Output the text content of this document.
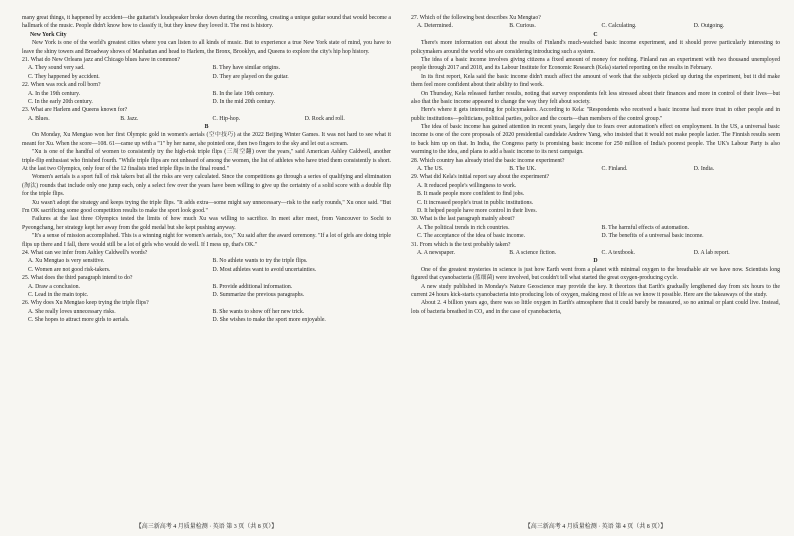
many great things, it happened by accident—the guitarist's loudspeaker broke down during the recording, creating a unique guitar sound that would become a hallmark of the music. People didn't know how to classify it, but they knew they loved it. The rest is history.

New York City

New York is one of the world's greatest cities where you can listen to all kinds of music. But to experience a true New York state of mind, you have to leave the shiny towers and Broadway shows of Manhattan and head to Harlem, the Bronx, Brooklyn, and Queens to explore the city's hip hop history.

21. What do New Orleans jazz and Chicago blues have in common?

A. They sound very sad.	B. They have similar origins.
C. They happened by accident.	D. They are played on the guitar.

22. When was rock and roll born?

A. In the 19th century.	B. In the late 19th century.
C. In the early 20th century.	D. In the mid 20th century.

23. What are Harlem and Queens known for?

A. Blues.	B. Jazz.	C. Hip-hop.	D. Rock and roll.

B

On Monday, Xu Mengtao won her first Olympic gold in women's aerials (空中技巧) at the 2022 Beijing Winter Games. It was not hard to see what it meant for Xu. When the score—108. 61—came up with a "1" by her name, she pointed one, then two fingers to the sky and let out a scream.

"Xu is one of the handful of women to consistently try the high-risk triple flips (三周空翻) over the years," said American Ashley Caldwell, another triple-flip enthusiast who finished fourth. "While triple flips are not unheard of among the women, the list of athletes who have tried them consistently is short. At the last two Olympics, only four of the 12 finalists tried triple flips in the final round."

Women's aerials is a sport full of risk takers but all the risks are very calculated. Since the competitions go through a series of qualifying and elimination (淘汰) rounds that include only one jump each, only a select few over the years have been willing to give up the certainty of a solid score with a double flip for the triple flips.

Xu wasn't adopt the strategy and keeps trying the triple flips. "It adds extra—some might say unnecessary—risk to the early rounds," Xu once said. "But I'm OK sacrificing some good competition results to make the sport look good."

Failures at the last three Olympics tested the limits of how much Xu was willing to sacrifice. In meet after meet, from Vancouver to Sochi to Pyeongchang, her strategy kept her away from the gold medal but she kept pushing anyway.

"It's a sense of mission accomplished. This is a winning night for women's aerials, too," Xu said after the award ceremony. "If a lot of girls are doing triple flips up there and I fall, there would still be a lot of girls who would do well. If I mess up, that's OK."

24. What can we infer from Ashley Caldwell's words?

A. Xu Mengtao is very sensitive.	B. No athlete wants to try the triple flips.
C. Women are not good risk-takers.	D. Most athletes want to avoid uncertainties.

25. What does the third paragraph intend to do?

A. Draw a conclusion.	B. Provide additional information.
C. Lead in the main topic.	D. Summarize the previous paragraphs.

26. Why does Xu Mengtao keep trying the triple flips?

A. She really loves unnecessary risks.	B. She wants to show off her new trick.
C. She hopes to attract more girls to aerials.	D. She wishes to make the sport more enjoyable.

27. Which of the following best describes Xu Mengtao?

A. Determined.	B. Curious.	C. Calculating.	D. Outgoing.

C

There's more information out about the results of Finland's much-watched basic income experiment, and it should prove particularly interesting to policymakers around the world who are considering introducing such a system.

The idea of a basic income involves giving citizens a fixed amount of money for nothing. Finland ran an experiment with two thousand unemployed people through 2017 and 2018, and its Labour Institute for Economic Research (Kela) started reporting on the results in February.

In its first report, Kela said the basic income didn't much affect the amount of work that the subjects picked up during the experiment, but it did make them feel more confident about their ability to find work.

On Thursday, Kela released further results, noting that survey respondents felt less stressed about their finances and more in control of their lives—but also that the basic income appeared to change the way they felt about society.

Here's where it gets interesting for policymakers. According to Kela: "Respondents who received a basic income had more trust in other people and in public institutions—politicians, political parties, police and the courts—than members of the control group."

The idea of basic income has gained attention in recent years, largely due to fears over automation's effect on employment. In the US, a universal basic income is one of the core proposals of 2020 presidential candidate Andrew Yang, who insisted that it would not make people lazier. The Finnish results seem to back him up on that. In India, the Congress party is promising basic income for 250 million of India's poorest people. The UK's Labour Party is also warming to the idea, and plans to add a basic income to its next campaign.

28. Which country has already tried the basic income experiment?

A. The US.	B. The UK.	C. Finland.	D. India.

29. What did Kela's initial report say about the experiment?

A. It reduced people's willingness to work.
B. It made people more confident to find jobs.
C. It increased people's trust in public institutions.
D. It helped people have more control in their lives.

30. What is the last paragraph mainly about?

A. The political trends in rich countries.	B. The harmful effects of automation.
C. The acceptance of the idea of basic income.	D. The benefits of a universal basic income.

31. From which is the text probably taken?

A. A newspaper.	B. A science fiction.	C. A textbook.	D. A lab report.

D

One of the greatest mysteries in science is just how Earth went from a planet with minimal oxygen to the breathable air we have now. Scientists long figured that cyanobacteria (蓝细菌) were involved, but couldn't tell what started the great oxygen-producing cycle.

A new study published in Monday's Nature Geoscience may provide the key. It theorizes that Earth's gradually lengthened day from six hours to the current 24 hours kick-starts cyanobacteria into producing lots of oxygen, making most of life as we know it possible. Here are the takeaways of the study.

About 2. 4 billion years ago, there was so little oxygen in Earth's atmosphere that it could barely be measured, so no animal or plant could live. Instead, lots of bacteria breathed in CO₂ and in the case of cyanobacteria,

【高三新高考 4 月质量检测 · 英语 第 3 页（共 8 页）】	【高三新高考 4 月质量检测 · 英语 第 4 页（共 8 页）】
